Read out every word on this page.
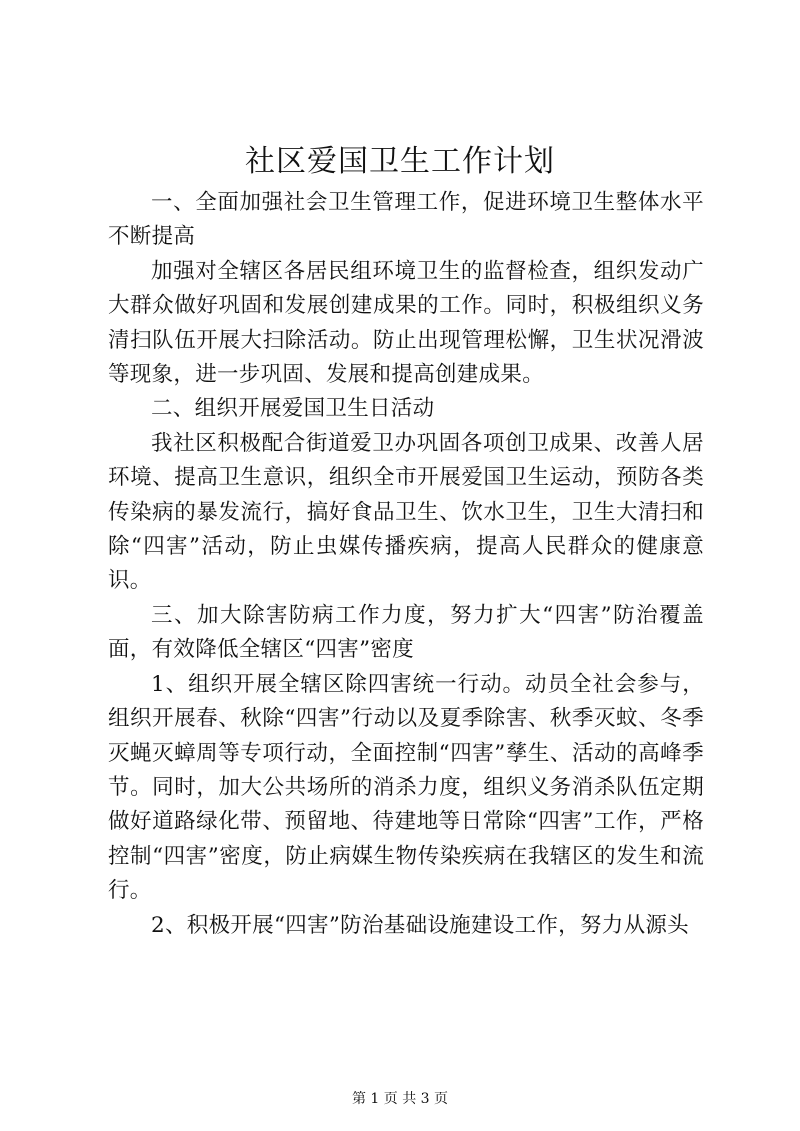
社区爱国卫生工作计划

一、全面加强社会卫生管理工作，促进环境卫生整体水平不断提高

加强对全辖区各居民组环境卫生的监督检查，组织发动广大群众做好巩固和发展创建成果的工作。同时，积极组织义务清扫队伍开展大扫除活动。防止出现管理松懈，卫生状况滑波等现象，进一步巩固、发展和提高创建成果。

二、组织开展爱国卫生日活动

我社区积极配合街道爱卫办巩固各项创卫成果、改善人居环境、提高卫生意识，组织全市开展爱国卫生运动，预防各类传染病的暴发流行，搞好食品卫生、饮水卫生，卫生大清扫和除“四害”活动，防止虫媒传播疾病，提高人民群众的健康意识。

三、加大除害防病工作力度，努力扩大“四害”防治覆盖面，有效降低全辖区“四害”密度

1、组织开展全辖区除四害统一行动。动员全社会参与，组织开展春、秋除“四害”行动以及夏季除害、秋季灭蚊、冬季灭蝇灭蟑周等专项行动，全面控制“四害”孳生、活动的高峰季节。同时，加大公共场所的消杀力度，组织义务消杀队伍定期做好道路绿化带、预留地、待建地等日常除“四害”工作，严格控制“四害”密度，防止病媒生物传染疾病在我辖区的发生和流行。

2、积极开展“四害”防治基础设施建设工作，努力从源头

第 1 页 共 3 页
